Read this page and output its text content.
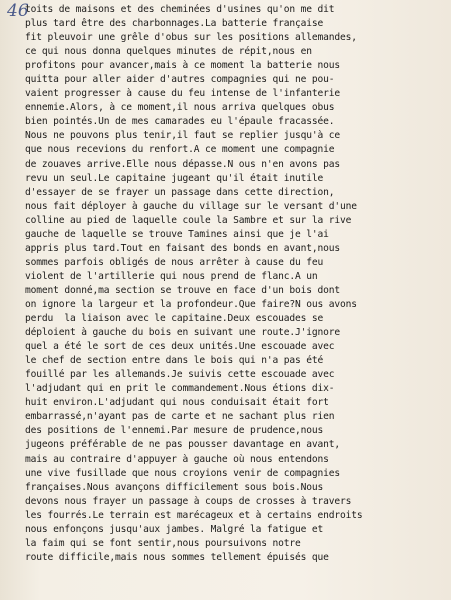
46
toits de maisons et des cheminées d'usines qu'on me dit
plus tard être des charbonnages.La batterie française
fit pleuvoir une grêle d'obus sur les positions allemandes,
ce qui nous donna quelques minutes de répit,nous en
profitons pour avancer,mais à ce moment la batterie nous
quitta pour aller aider d'autres compagnies qui ne pou-
vaient progresser à cause du feu intense de l'infanterie
ennemie.Alors, à ce moment,il nous arriva quelques obus
bien pointés.Un de mes camarades eu l'épaule fracassée.
Nous ne pouvons plus tenir,il faut se replier jusqu'à ce
que nous recevions du renfort.A ce moment une compagnie
de zouaves arrive.Elle nous dépasse.N ous n'en avons pas
revu un seul.Le capitaine jugeant qu'il était inutile
d'essayer de se frayer un passage dans cette direction,
nous fait déployer à gauche du village sur le versant d'une
colline au pied de laquelle coule la Sambre et sur la rive
gauche de laquelle se trouve Tamines ainsi que je l'ai
appris plus tard.Tout en faisant des bonds en avant,nous
sommes parfois obligés de nous arrêter à cause du feu
violent de l'artillerie qui nous prend de flanc.A un
moment donné,ma section se trouve en face d'un bois dont
on ignore la largeur et la profondeur.Que faire?N ous avons
perdu  la liaison avec le capitaine.Deux escouades se
déploient à gauche du bois en suivant une route.J'ignore
quel a été le sort de ces deux unités.Une escouade avec
le chef de section entre dans le bois qui n'a pas été
fouillé par les allemands.Je suivis cette escouade avec
l'adjudant qui en prit le commandement.Nous étions dix-
huit environ.L'adjudant qui nous conduisait était fort
embarrassé,n'ayant pas de carte et ne sachant plus rien
des positions de l'ennemi.Par mesure de prudence,nous
jugeons préférable de ne pas pousser davantage en avant,
mais au contraire d'appuyer à gauche où nous entendons
une vive fusillade que nous croyions venir de compagnies
françaises.Nous avançons difficilement sous bois.Nous
devons nous frayer un passage à coups de crosses à travers
les fourrés.Le terrain est marécageux et à certains endroits
nous enfonçons jusqu'aux jambes. Malgré la fatigue et
la faim qui se font sentir,nous poursuivons notre
route difficile,mais nous sommes tellement épuisés que
